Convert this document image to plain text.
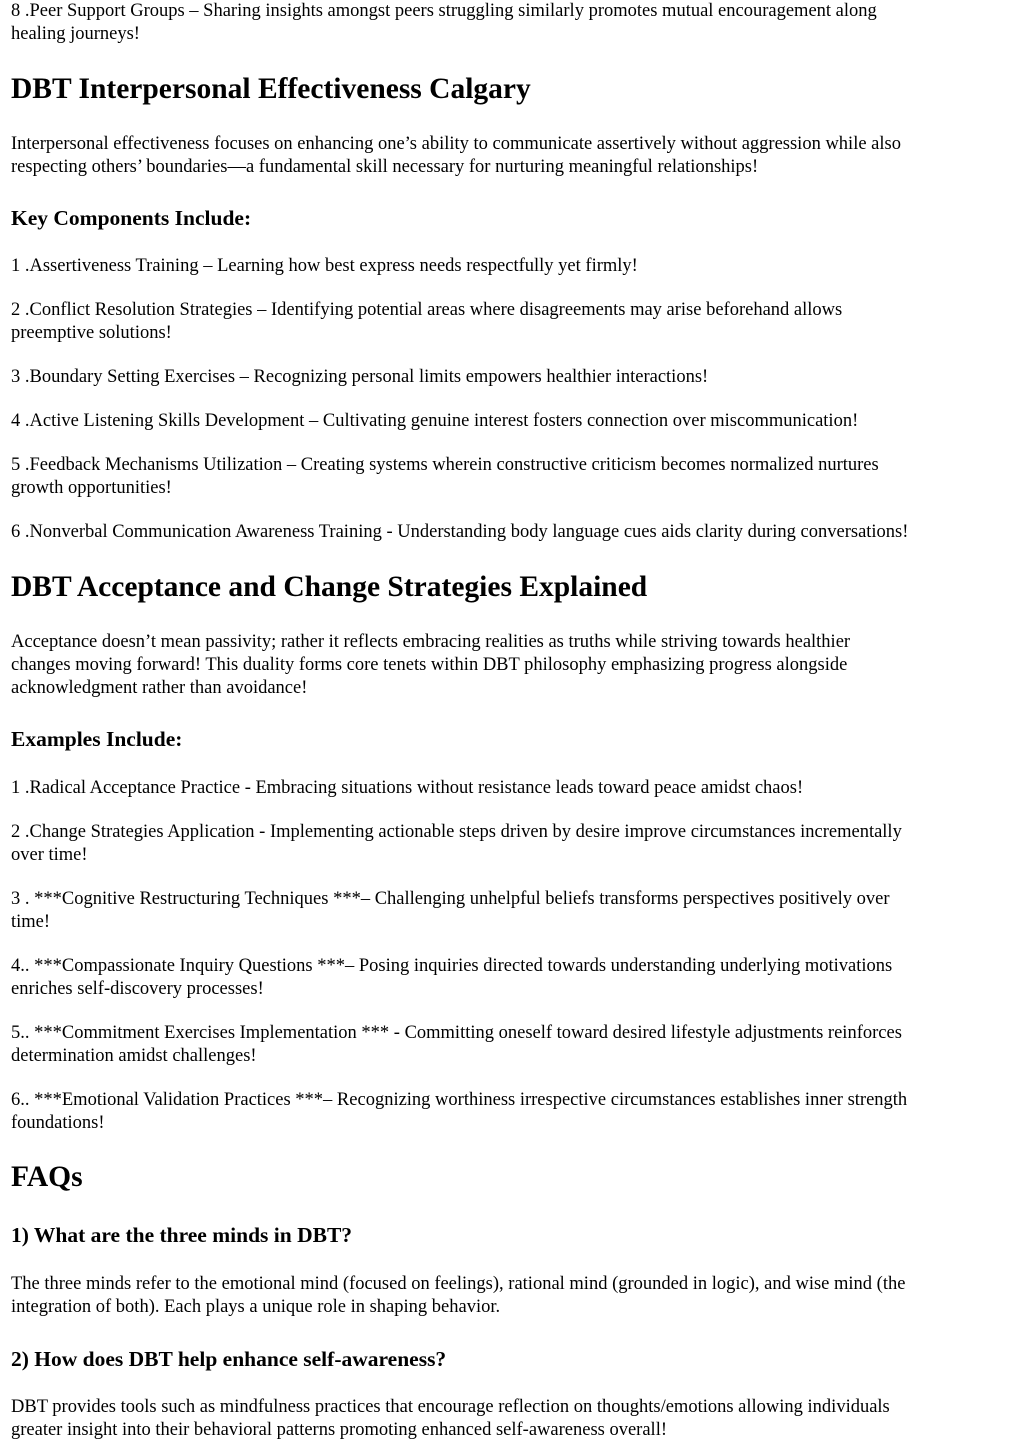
8 .Peer Support Groups – Sharing insights amongst peers struggling similarly promotes mutual encouragement along
healing journeys!

DBT Interpersonal Effectiveness Calgary

Interpersonal effectiveness focuses on enhancing one’s ability to communicate assertively without aggression while also
respecting others’ boundaries—a fundamental skill necessary for nurturing meaningful relationships!

Key Components Include:

1 .Assertiveness Training – Learning how best express needs respectfully yet firmly!

2 .Conflict Resolution Strategies – Identifying potential areas where disagreements may arise beforehand allows
preemptive solutions!

3 .Boundary Setting Exercises – Recognizing personal limits empowers healthier interactions!

4 .Active Listening Skills Development – Cultivating genuine interest fosters connection over miscommunication!

5 .Feedback Mechanisms Utilization – Creating systems wherein constructive criticism becomes normalized nurtures
growth opportunities!

6 .Nonverbal Communication Awareness Training - Understanding body language cues aids clarity during conversations!

DBT Acceptance and Change Strategies Explained

Acceptance doesn’t mean passivity; rather it reflects embracing realities as truths while striving towards healthier
changes moving forward! This duality forms core tenets within DBT philosophy emphasizing progress alongside
acknowledgment rather than avoidance!

Examples Include:

1 .Radical Acceptance Practice - Embracing situations without resistance leads toward peace amidst chaos!

2 .Change Strategies Application - Implementing actionable steps driven by desire improve circumstances incrementally
over time!

3 . ***Cognitive Restructuring Techniques ***– Challenging unhelpful beliefs transforms perspectives positively over
time!

4.. ***Compassionate Inquiry Questions ***– Posing inquiries directed towards understanding underlying motivations
enriches self-discovery processes!

5.. ***Commitment Exercises Implementation *** - Committing oneself toward desired lifestyle adjustments reinforces
determination amidst challenges!

6.. ***Emotional Validation Practices ***– Recognizing worthiness irrespective circumstances establishes inner strength
foundations!

FAQs
1) What are the three minds in DBT?

The three minds refer to the emotional mind (focused on feelings), rational mind (grounded in logic), and wise mind (the
integration of both). Each plays a unique role in shaping behavior.

2) How does DBT help enhance self-awareness?

DBT provides tools such as mindfulness practices that encourage reflection on thoughts/emotions allowing individuals
greater insight into their behavioral patterns promoting enhanced self-awareness overall!
